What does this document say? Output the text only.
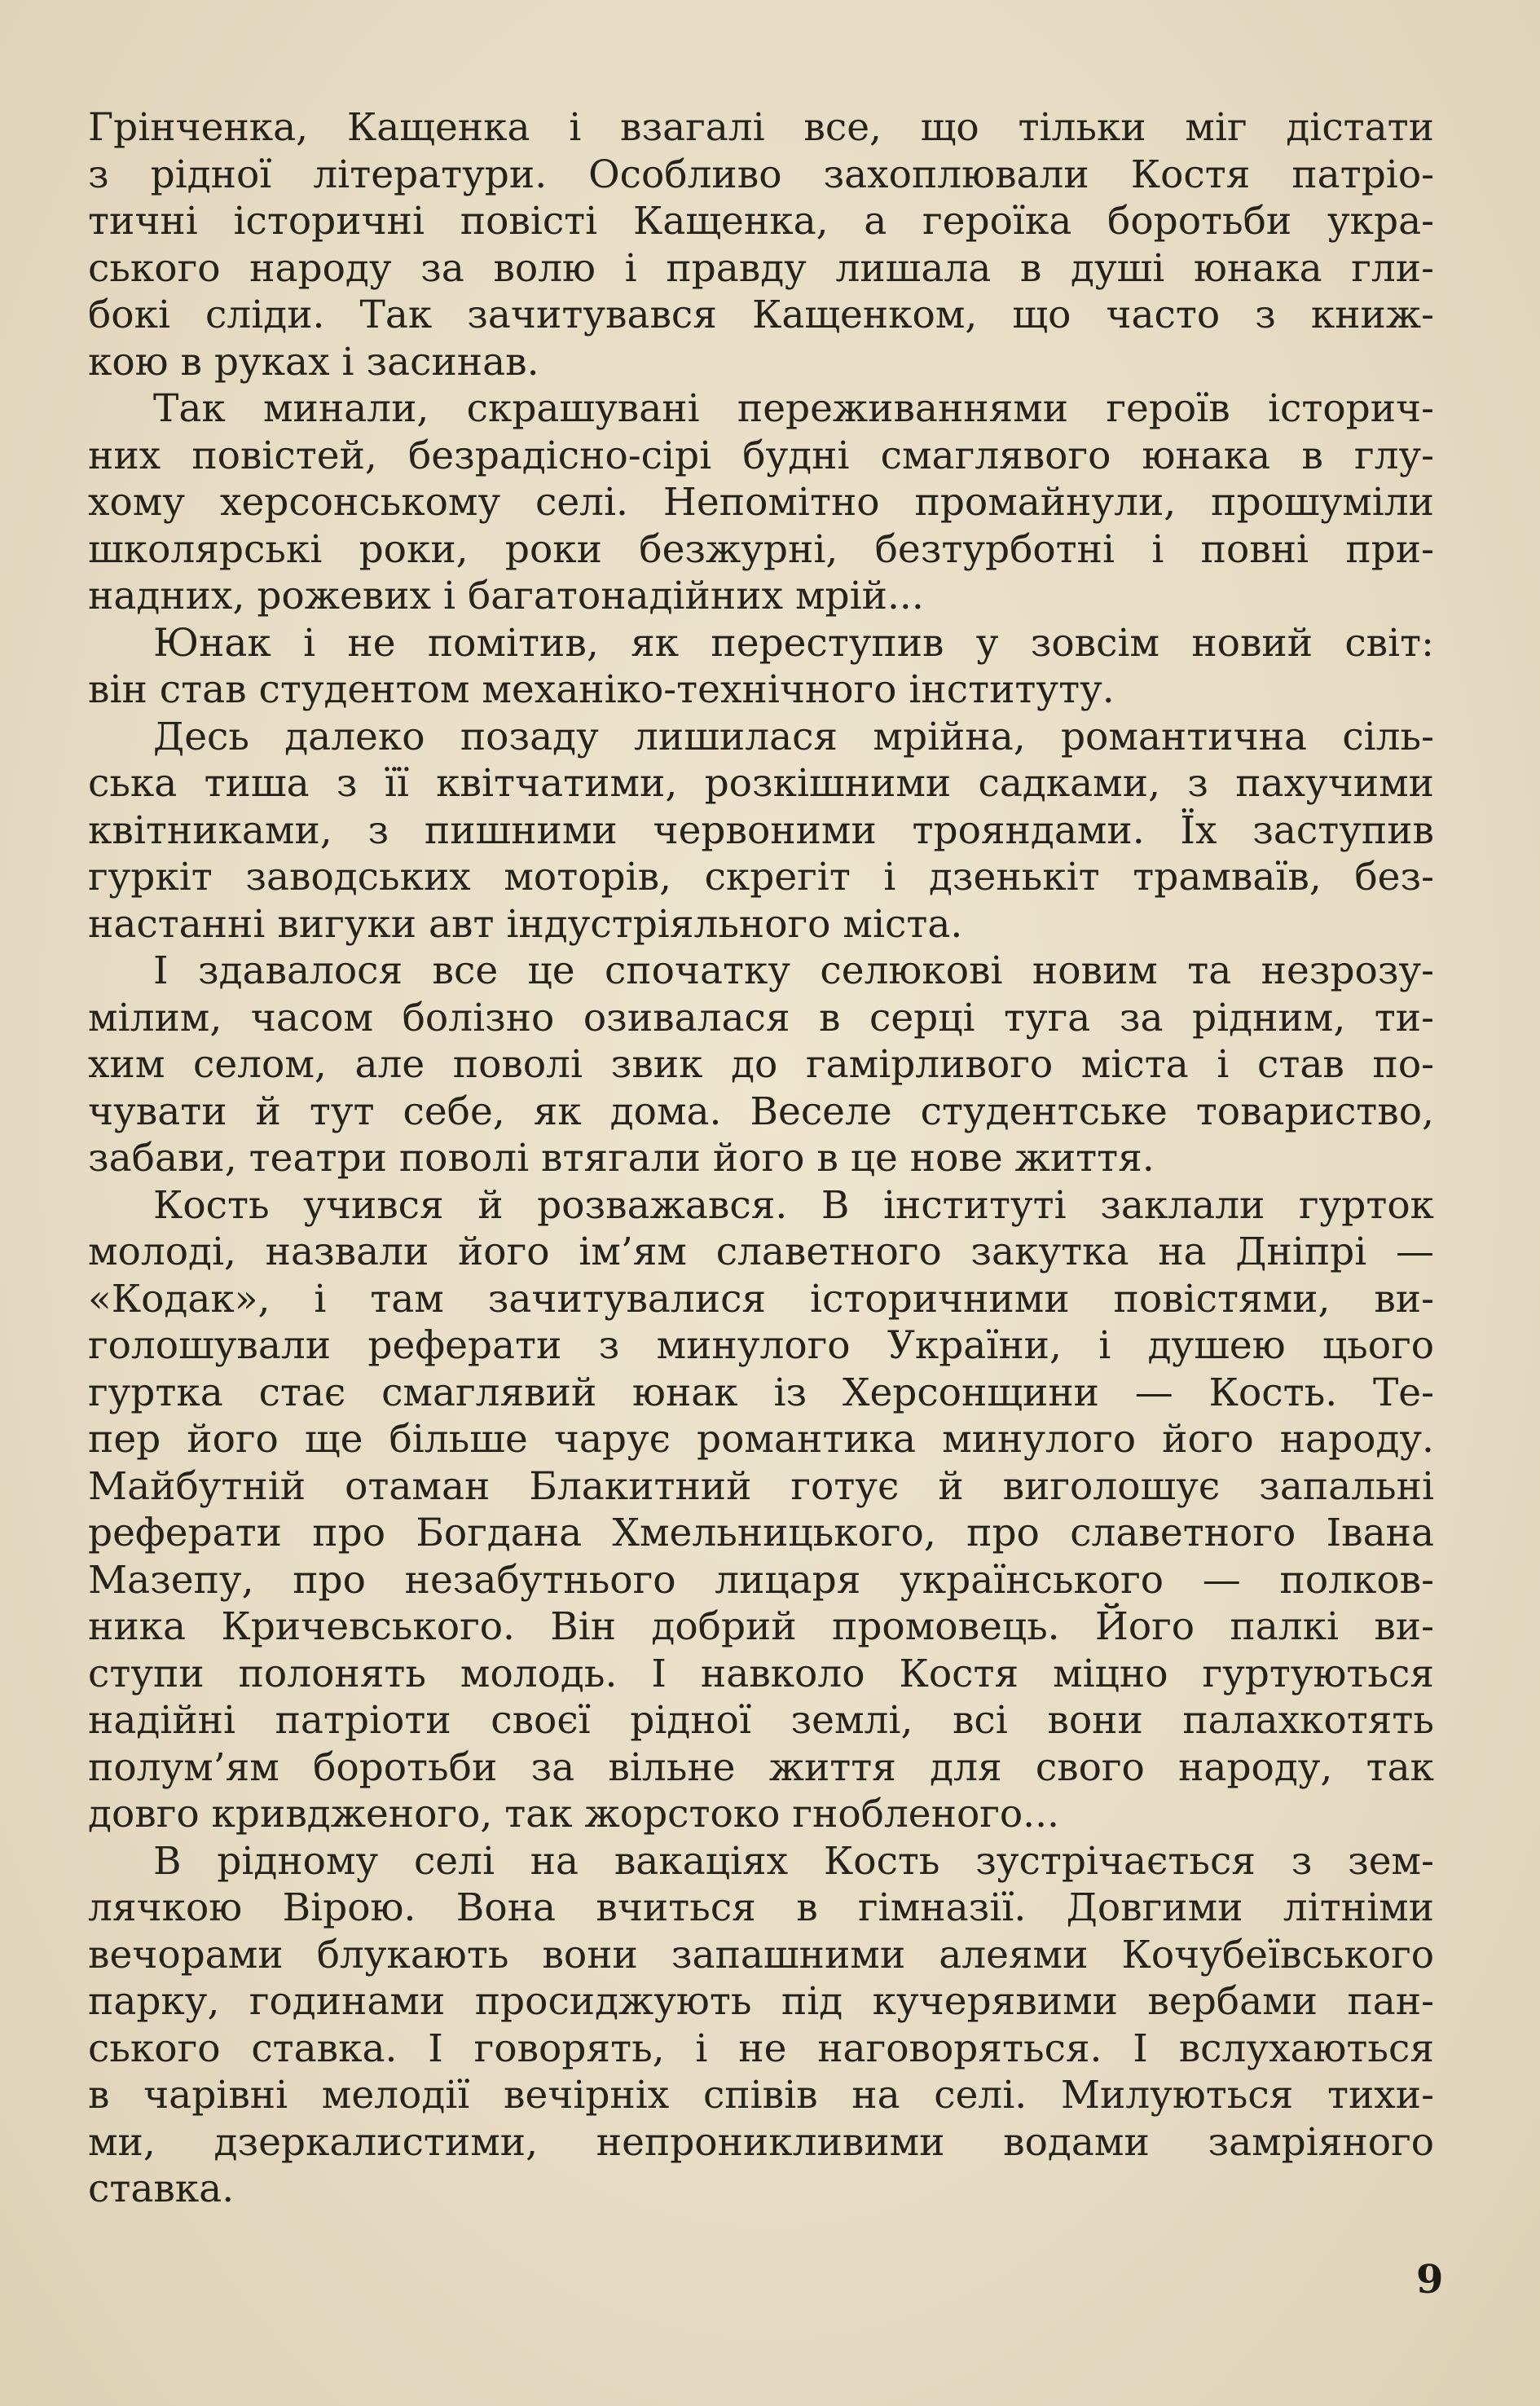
Грінченка, Кащенка і взагалі все, що тільки міг дістати
з рідної літератури. Особливо захоплювали Костя патріо-
тичні історичні повісті Кащенка, а героїка боротьби укра-
ського народу за волю і правду лишала в душі юнака гли-
бокі сліди. Так зачитувався Кащенком, що часто з книж-
кою в руках і засинав.
Так минали, скрашувані переживаннями героїв історич-
них повістей, безрадісно-сірі будні смаглявого юнака в глу-
хому херсонському селі. Непомітно промайнули, прошуміли
школярські роки, роки безжурні, безтурботні і повні при-
надних, рожевих і багатонадійних мрій...
Юнак і не помітив, як переступив у зовсім новий світ:
він став студентом механіко-технічного інституту.
Десь далеко позаду лишилася мрійна, романтична сіль-
ська тиша з її квітчатими, розкішними садками, з пахучими
квітниками, з пишними червоними трояндами. Їх заступив
гуркіт заводських моторів, скрегіт і дзенькіт трамваїв, без-
настанні вигуки авт індустріяльного міста.
І здавалося все це спочатку селюкові новим та незрозу-
мілим, часом болізно озивалася в серці туга за рідним, ти-
хим селом, але поволі звик до гамірливого міста і став по-
чувати й тут себе, як дома. Веселе студентське товариство,
забави, театри поволі втягали його в це нове життя.
Кость учився й розважався. В інституті заклали гурток
молоді, назвали його ім’ям славетного закутка на Дніпрі —
«Кодак», і там зачитувалися історичними повістями, ви-
голошували реферати з минулого України, і душею цього
гуртка стає смаглявий юнак із Херсонщини — Кость. Те-
пер його ще більше чарує романтика минулого його народу.
Майбутній отаман Блакитний готує й виголошує запальні
реферати про Богдана Хмельницького, про славетного Івана
Мазепу, про незабутнього лицаря українського — полков-
ника Кричевського. Він добрий промовець. Його палкі ви-
ступи полонять молодь. І навколо Костя міцно гуртуються
надійні патріоти своєї рідної землі, всі вони палахкотять
полум’ям боротьби за вільне життя для свого народу, так
довго кривдженого, так жорстоко гнобленого...
В рідному селі на вакаціях Кость зустрічається з зем-
лячкою Вірою. Вона вчиться в гімназії. Довгими літніми
вечорами блукають вони запашними алеями Кочубеївського
парку, годинами просиджують під кучерявими вербами пан-
ського ставка. І говорять, і не наговоряться. І вслухаються
в чарівні мелодії вечірніх співів на селі. Милуються тихи-
ми, дзеркалистими, непроникливими водами замріяного
ставка.
9
